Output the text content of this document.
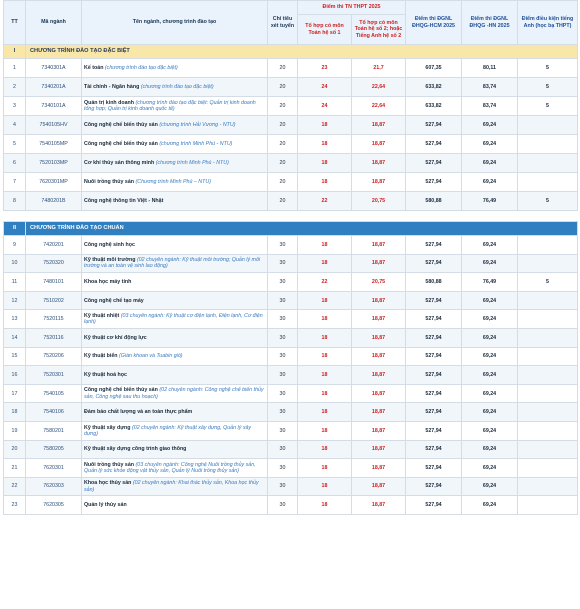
TT	Mã ngành	Tên ngành, chương trình đào tạo	Chỉ tiêu xét tuyển	Điểm thi TN THPT 2025		Điểm thi ĐGNL ĐHQG-HCM 2025	Điểm thi ĐGNL ĐHQG -HN 2025	Điểm điều kiện tiếng Anh (học bạ THPT)
				Tổ hợp có môn Toán hệ số 1	Tổ hợp có môn Toán hệ số 2; hoặc Tiếng Anh hệ số 2			
I	CHƯƠNG TRÌNH ĐÀO TẠO ĐẶC BIỆT							
1	7340301A	Kế toán (chương trình đào tạo đặc biệt)	20	23	21,7	607,35	80,11	5
2	7340201A	Tài chính - Ngân hàng (chương trình đào tạo đặc biệt)	20	24	22,64	633,82	83,74	5
3	7340101A	Quản trị kinh doanh (chương trình đào tạo đặc biệt: Quản trị kinh doanh tổng hợp; Quản trị kinh doanh quốc tế)	20	24	22,64	633,82	83,74	5
4	7540105HV	Công nghệ chế biến thủy sản (chương trình Hải Vương - NTU)	20	18	18,87	527,94	69,24	
5	7540105MP	Công nghệ chế biến thủy sản (chương trình Minh Phú - NTU)	20	18	18,87	527,94	69,24	
6	7520103MP	Cơ khí thủy sản thông minh (chương trình Minh Phú - NTU)	20	18	18,87	527,94	69,24	
7	7620301MP	Nuôi trồng thủy sản (Chương trình Minh Phú – NTU)	20	18	18,87	527,94	69,24	
8	7480201B	Công nghệ thông tin Việt - Nhật	20	22	20,75	580,88	76,49	5

II	CHƯƠNG TRÌNH ĐÀO TẠO CHUẨN							
9	7420201	Công nghệ sinh học	30	18	18,87	527,94	69,24	
10	7520320	Kỹ thuật môi trường (02 chuyên ngành: Kỹ thuật môi trường; Quản lý môi trường và an toàn vệ sinh lao động)	30	18	18,87	527,94	69,24	
11	7480101	Khoa học máy tính	30	22	20,75	580,88	76,49	5
12	7510202	Công nghệ chế tạo máy	30	18	18,87	527,94	69,24	
13	7520115	Kỹ thuật nhiệt (03 chuyên ngành: Kỹ thuật cơ điện lạnh, Điện lạnh, Cơ điện lạnh)	30	18	18,87	527,94	69,24	
14	7520116	Kỹ thuật cơ khí động lực	30	18	18,87	527,94	69,24	
15	7520206	Kỹ thuật biển (Giàn khoan và Tuabin gió)	30	18	18,87	527,94	69,24	
16	7520301	Kỹ thuật hoá học	30	18	18,87	527,94	69,24	
17	7540105	Công nghệ chế biến thủy sản (02 chuyên ngành: Công nghệ chế biến thủy sản, Công nghệ sau thu hoạch)	30	18	18,87	527,94	69,24	
18	7540106	Đảm bảo chất lượng và an toàn thực phẩm	30	18	18,87	527,94	69,24	
19	7580201	Kỹ thuật xây dựng (02 chuyên ngành: Kỹ thuật xây dựng, Quản lý xây dựng)	30	18	18,87	527,94	69,24	
20	7580205	Kỹ thuật xây dựng công trình giao thông	30	18	18,87	527,94	69,24	
21	7620301	Nuôi trồng thủy sản (03 chuyên ngành: Công nghệ Nuôi trồng thủy sản, Quản lý sức khỏe động vật thủy sản, Quản lý Nuôi trồng thủy sản)	30	18	18,87	527,94	69,24	
22	7620303	Khoa học thủy sản (02 chuyên ngành: Khai thác thủy sản, Khoa học thủy sản)	30	18	18,87	527,94	69,24	
23	7620305	Quản lý thủy sản	30	18	18,87	527,94	69,24	
